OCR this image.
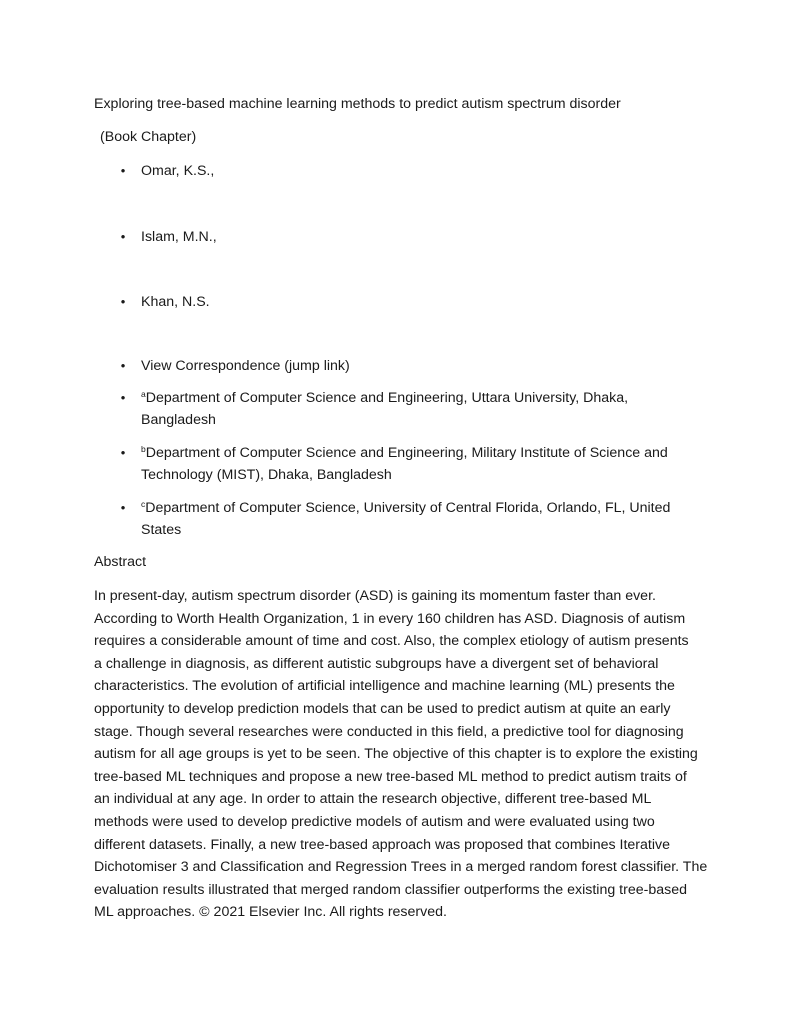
Exploring tree-based machine learning methods to predict autism spectrum disorder
(Book Chapter)
• Omar, K.S.,
• Islam, M.N.,
• Khan, N.S.
• View Correspondence (jump link)
•	$^a$Department of Computer Science and Engineering, Uttara University, Dhaka,
Bangladesh
•	$^b$Department of Computer Science and Engineering, Military Institute of Science and
Technology (MIST), Dhaka, Bangladesh
•	$^c$Department of Computer Science, University of Central Florida, Orlando, FL, United
States
Abstract
In present-day, autism spectrum disorder (ASD) is gaining its momentum faster than ever.
According to Worth Health Organization, 1 in every 160 children has ASD. Diagnosis of autism
requires a considerable amount of time and cost. Also, the complex etiology of autism presents
a challenge in diagnosis, as different autistic subgroups have a divergent set of behavioral
characteristics. The evolution of artificial intelligence and machine learning (ML) presents the
opportunity to develop prediction models that can be used to predict autism at quite an early
stage. Though several researches were conducted in this field, a predictive tool for diagnosing
autism for all age groups is yet to be seen. The objective of this chapter is to explore the existing
tree-based ML techniques and propose a new tree-based ML method to predict autism traits of
an individual at any age. In order to attain the research objective, different tree-based ML
methods were used to develop predictive models of autism and were evaluated using two
different datasets. Finally, a new tree-based approach was proposed that combines Iterative
Dichotomiser 3 and Classification and Regression Trees in a merged random forest classifier. The
evaluation results illustrated that merged random classifier outperforms the existing tree-based
ML approaches. © 2021 Elsevier Inc. All rights reserved.
